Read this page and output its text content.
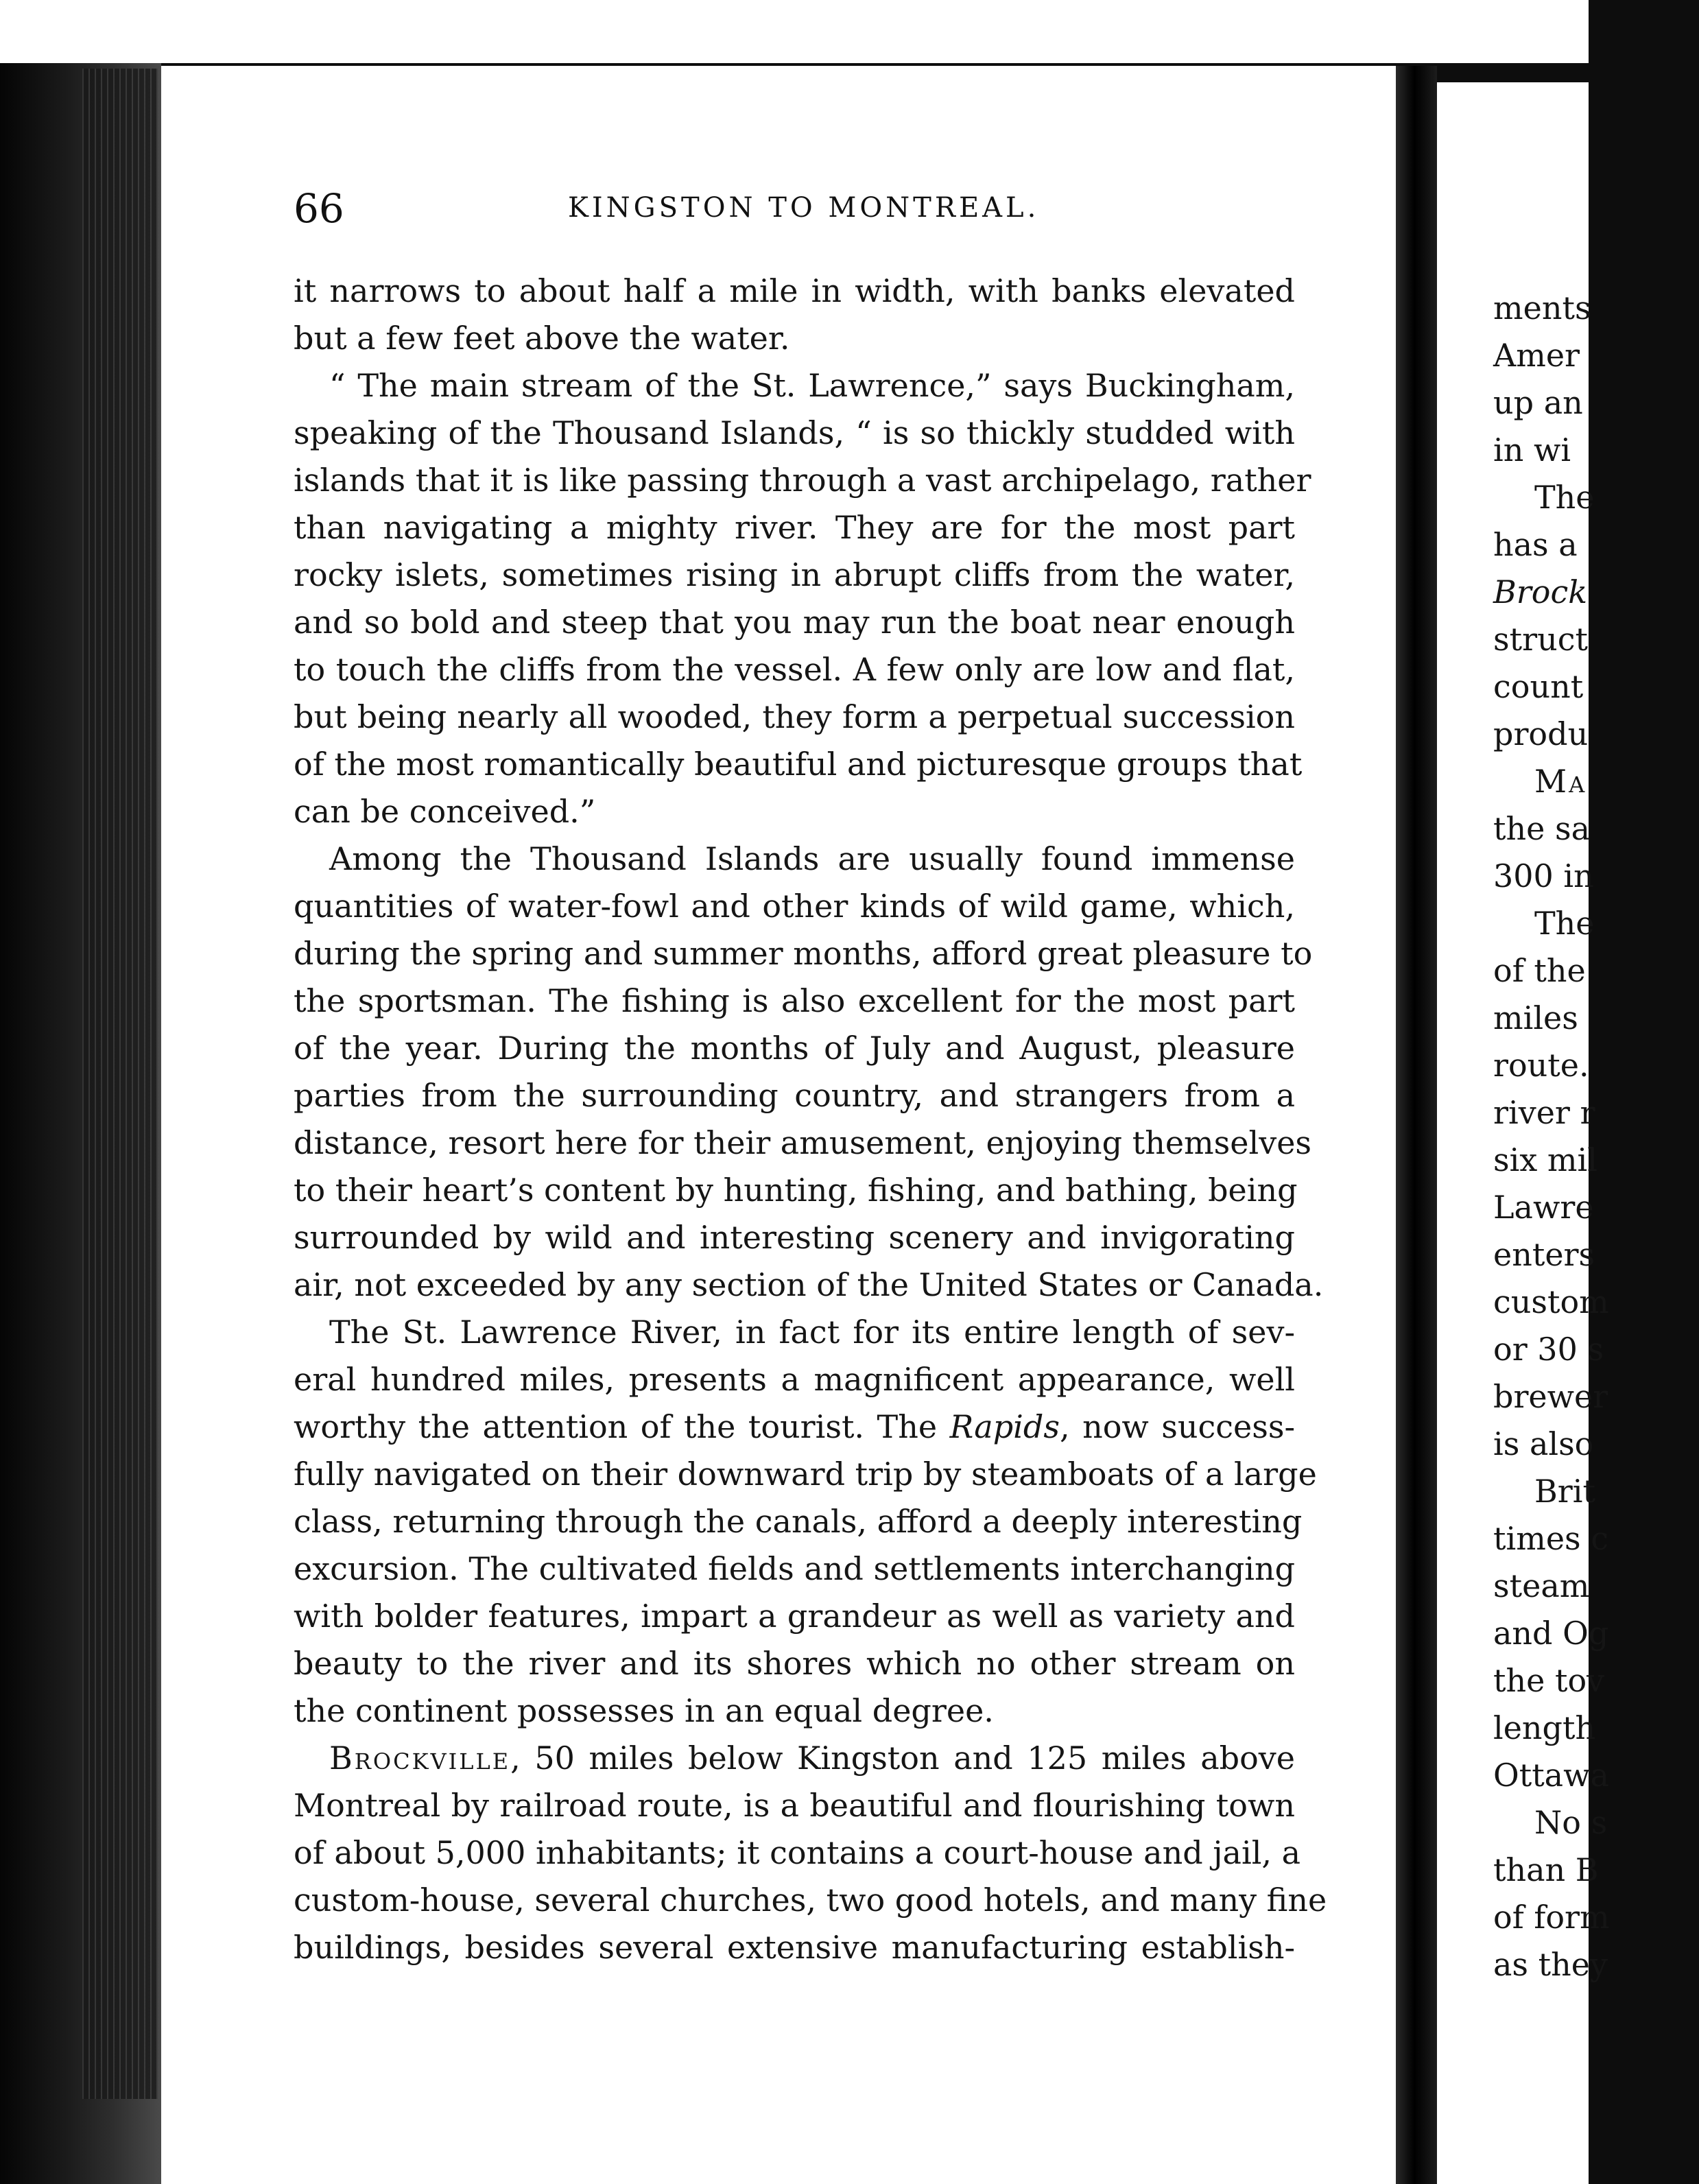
66	KINGSTON TO MONTREAL.
it narrows to about half a mile in width, with banks elevated
but a few feet above the water.
“ The main stream of the St. Lawrence,” says Buckingham,
speaking of the Thousand Islands, “ is so thickly studded with
islands that it is like passing through a vast archipelago, rather
than navigating a mighty river. They are for the most part
rocky islets, sometimes rising in abrupt cliffs from the water,
and so bold and steep that you may run the boat near enough
to touch the cliffs from the vessel. A few only are low and flat,
but being nearly all wooded, they form a perpetual succession
of the most romantically beautiful and picturesque groups that
can be conceived.”
Among the Thousand Islands are usually found immense
quantities of water-fowl and other kinds of wild game, which,
during the spring and summer months, afford great pleasure to
the sportsman. The fishing is also excellent for the most part
of the year. During the months of July and August, pleasure
parties from the surrounding country, and strangers from a
distance, resort here for their amusement, enjoying themselves
to their heart’s content by hunting, fishing, and bathing, being
surrounded by wild and interesting scenery and invigorating
air, not exceeded by any section of the United States or Canada.
The St. Lawrence River, in fact for its entire length of sev-
eral hundred miles, presents a magnificent appearance, well
worthy the attention of the tourist. The Rapids, now success-
fully navigated on their downward trip by steamboats of a large
class, returning through the canals, afford a deeply interesting
excursion. The cultivated fields and settlements interchanging
with bolder features, impart a grandeur as well as variety and
beauty to the river and its shores which no other stream on
the continent possesses in an equal degree.
Brockville, 50 miles below Kingston and 125 miles above
Montreal by railroad route, is a beautiful and flourishing town
of about 5,000 inhabitants; it contains a court-house and jail, a
custom-house, several churches, two good hotels, and many fine
buildings, besides several extensive manufacturing establish-
ments
Amer
up an
in wi
The
has a
Brock
struct
count
produ
Ma
the sa
300 in
The
of the
miles
route.
river r
six mil
Lawre
enters
custom
or 30 s
brewer
is also
Brit
times c
steam
and Og
the tov
length
Ottawa
No s
than B
of form
as they
